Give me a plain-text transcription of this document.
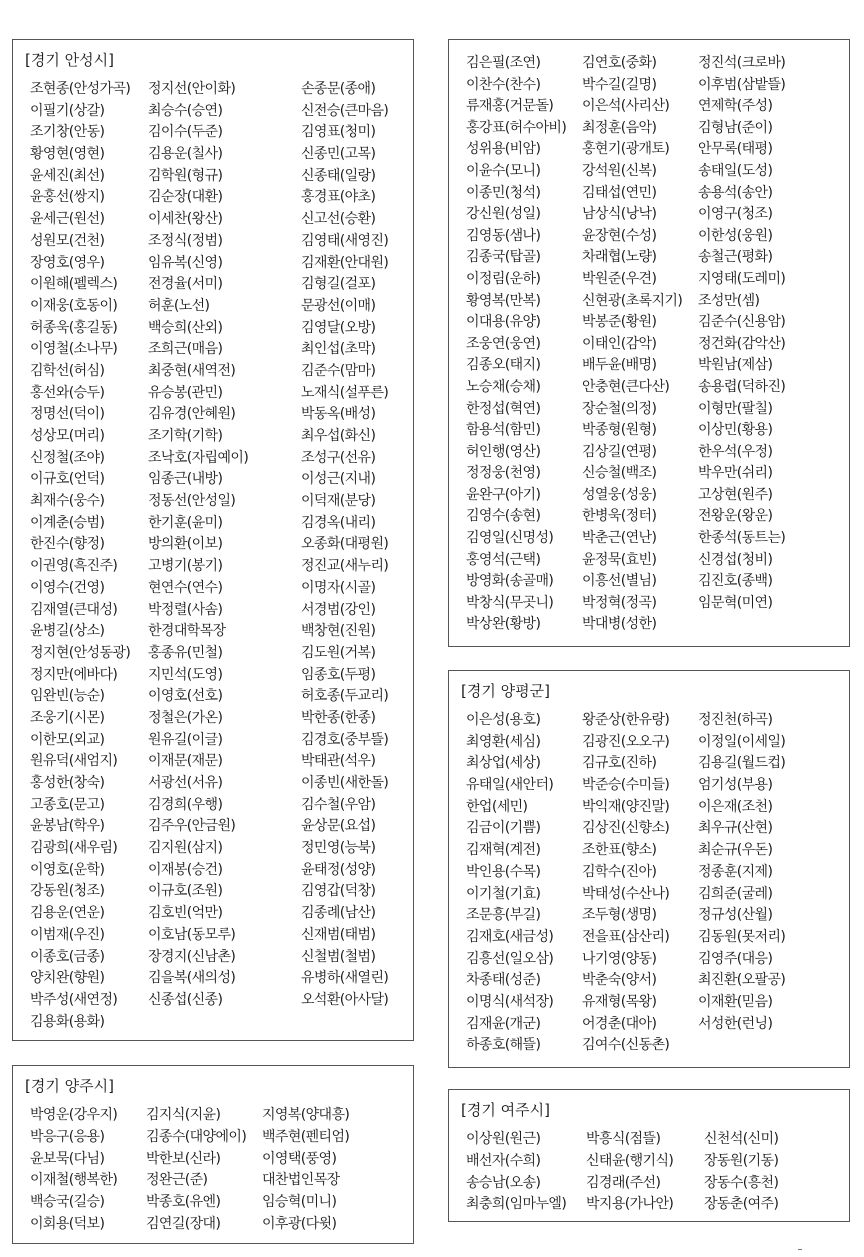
[경기 안성시]
조현종(안성가곡)	정지선(안이화)	손종문(종애)
이필기(상갈)	최승수(승연)	신전승(큰마음)
조기창(안동)	김이수(두준)	김영표(청미)
황영현(영현)	김용운(칠사)	신종민(고목)
윤세진(최선)	김학원(형규)	신종태(일랑)
윤홍선(쌍지)	김순장(대환)	홍경표(야초)
윤세근(원선)	이세찬(왕산)	신고선(승환)
성원모(건천)	조정식(정범)	김영태(새영진)
장영호(영우)	임유복(신영)	김재환(안대원)
이원해(펠렉스)	전경율(서미)	김형길(걸포)
이재웅(호동이)	허훈(노선)	문광선(이매)
허종욱(홍길동)	백승희(산외)	김영달(오방)
이영철(소나무)	조희근(매음)	최인섭(초막)
김학선(허심)	최중현(새역전)	김준수(맘마)
홍선와(승두)	유승봉(관민)	노재식(설푸른)
정명선(덕이)	김유경(안혜원)	박동옥(배성)
성상모(머리)	조기학(기학)	최우섭(화신)
신정철(조야)	조낙호(자립예이)	조성구(선유)
이규호(언덕)	임종근(내방)	이성근(지내)
최재수(웅수)	정동선(안성일)	이덕재(분당)
이계춘(승범)	한기훈(윤미)	김경옥(내리)
한진수(향정)	방의환(이보)	오종화(대평원)
이권영(흑진주)	고병기(봉기)	정진교(새누리)
이영수(건영)	현연수(연수)	이명자(시골)
김재열(큰대성)	박정렬(사솜)	서경범(강인)
윤병길(상소)	한경대학목장	백창현(진원)
정지현(안성동광)	홍종유(민철)	김도원(거복)
정지만(에바다)	지민석(도영)	임종호(두평)
임완빈(능순)	이영호(선호)	허호종(두교리)
조웅기(시몬)	정철은(가온)	박한종(한종)
이한모(외교)	원유길(이글)	김경호(중부뜰)
원유덕(새엄지)	이재문(재문)	박태관(석우)
홍성한(창숙)	서광선(서유)	이종빈(새한돌)
고종호(문고)	김경희(우행)	김수철(우암)
윤봉남(학우)	김주우(안금원)	윤상문(요섭)
김광희(새우림)	김지원(삼지)	정민영(능북)
이영호(운학)	이재봉(승건)	윤태정(성양)
강동원(청조)	이규호(조원)	김영갑(덕창)
김용운(연운)	김호빈(억만)	김종례(남산)
이범재(우진)	이호남(동모루)	신재범(태범)
이종호(금종)	장경지(신남촌)	신철범(철범)
양치완(향원)	김을복(새의성)	유병하(새열린)
박주성(새연정)	신종섭(신종)	오석환(아사달)
김용화(용화)
[경기 양주시]
박영운(강우지)	김지식(지윤)	지영복(양대흥)
박응구(응용)	김종수(대양에이)	백주현(펜티엄)
윤보묵(다님)	박한보(신라)	이영택(풍영)
이재철(행복한)	정완근(준)	대찬법인목장
백승국(길승)	박종호(유엔)	임승혁(미니)
이회용(덕보)	김연길(장대)	이후광(다윗)
김은필(조연)	김연호(중화)	정진석(크로바)
이찬수(찬수)	박수길(길명)	이후범(삼밭뜰)
류재홍(거문돌)	이은석(사리산)	연제학(주성)
홍강표(허수아비)	최정훈(음악)	김형남(준이)
성위용(비암)	홍현기(광개토)	안무록(태평)
이윤수(모니)	강석원(신복)	송태일(도성)
이종민(청석)	김태섭(연민)	송용석(송안)
강신원(성일)	남상식(낭낙)	이영구(청조)
김영동(샘나)	윤장현(수성)	이한성(웅원)
김종국(탑골)	차래협(노량)	송철근(평화)
이정림(운하)	박원준(우견)	지영태(도레미)
황영복(만복)	신현광(초록지기)	조성만(셈)
이대용(유양)	박봉준(황원)	김준수(신용암)
조웅연(웅연)	이태인(감악)	정건화(감악산)
김종오(태지)	배두윤(배명)	박원남(제삼)
노승채(승채)	안충현(큰다산)	송용렵(덕하진)
한정섭(혁연)	장순철(의정)	이형만(팔칠)
함용석(함민)	박종형(원형)	이상민(황용)
허인행(영산)	김상길(연평)	한우석(우정)
정정웅(천영)	신승철(백조)	박우만(쉬리)
윤완구(아기)	성열웅(성웅)	고상현(원주)
김영수(송현)	한병욱(정터)	전왕운(왕운)
김영일(신명성)	박춘근(연난)	한종석(동트는)
홍영석(근택)	윤정묵(효빈)	신경섭(청비)
방영화(송골매)	이흥선(별님)	김진호(종백)
박창식(무곳니)	박정혁(정곡)	임문혁(미연)
박상완(황방)	박대병(성한)
[경기 양평군]
이은성(용호)	왕준상(한유랑)	정진천(하곡)
최영환(세심)	김광진(오오구)	이정일(이세일)
최상업(세상)	김규호(진하)	김용길(월드컵)
유태일(새안터)	박준승(수미들)	엄기성(부용)
한업(세민)	박익재(양진말)	이은재(조천)
김금이(기쁨)	김상진(신향소)	최우규(산현)
김재혁(계전)	조한표(향소)	최순규(우돈)
박인용(수목)	김학수(진아)	정종훈(지제)
이기철(기효)	박태성(수산나)	김희준(굴레)
조문흥(부길)	조두형(생명)	정규성(산월)
김재호(새금성)	전을표(삼산리)	김동원(못저리)
김흥선(일오삼)	나기영(양동)	김영주(대응)
차종태(성준)	박춘숙(양서)	최진환(오팔공)
이명식(새석장)	유재형(목왕)	이재환(믿음)
김재윤(개군)	어경춘(대아)	서성한(런닝)
하종호(해뜰)	김여수(신동촌)
[경기 여주시]
이상원(원근)	박흥식(점뜰)	신천석(신미)
배선자(수희)	신태윤(행기식)	장동원(기동)
송승남(오송)	김경래(주선)	장동수(흥천)
최충희(임마누엘)	박지용(가나안)	장동춘(여주)
